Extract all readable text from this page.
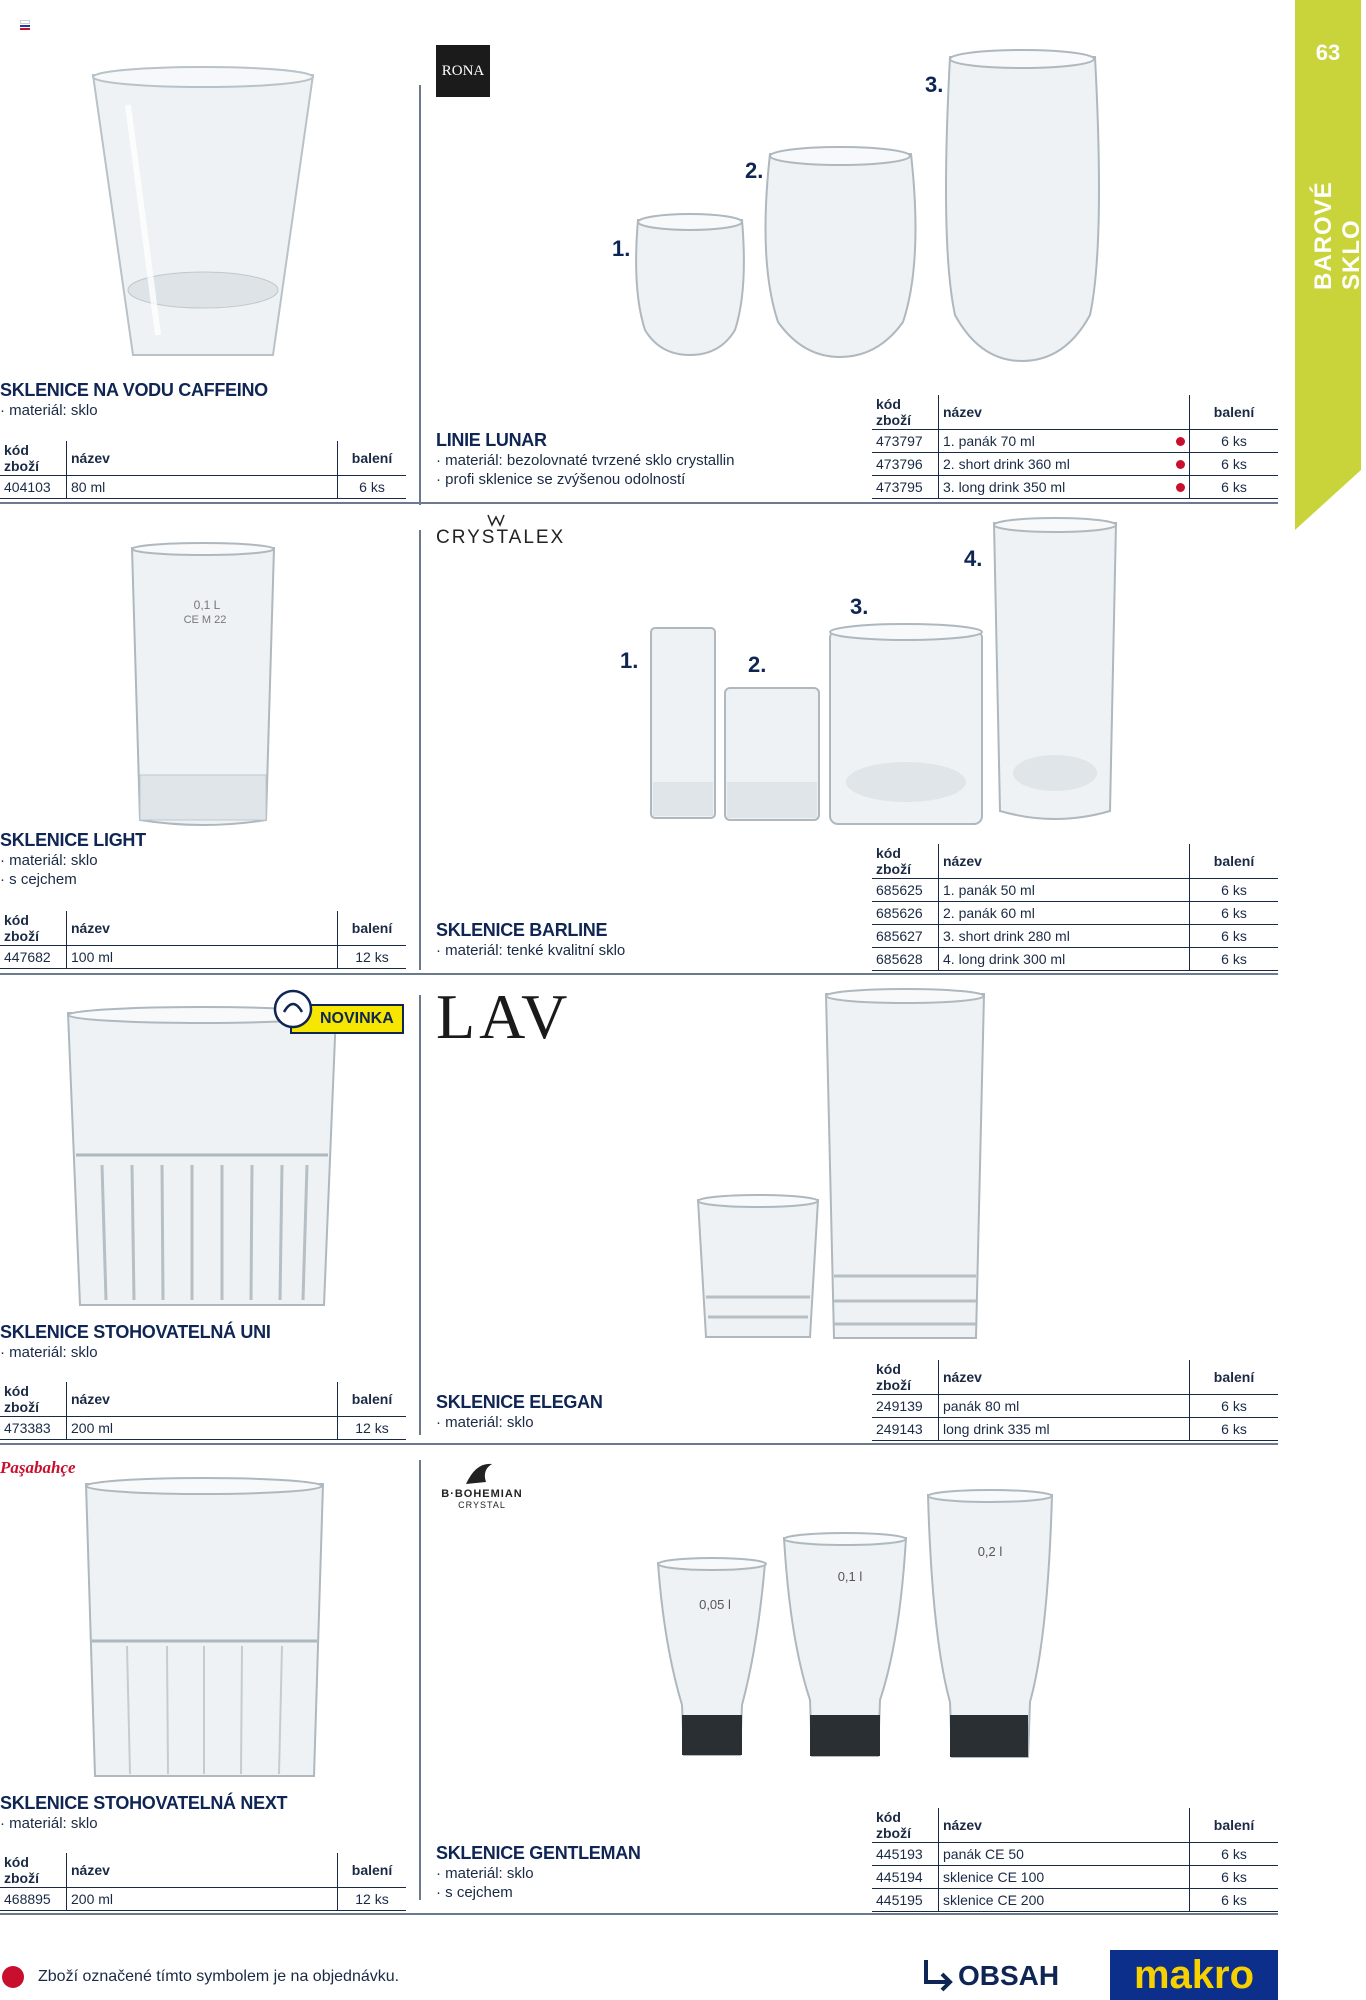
63
BAROVÉ SKLO
SKLENICE NA VODU CAFFEINO
· materiál: sklo
kód zboží	název	balení
404103	80 ml	6 ks
RONA
1.
2.
3.
LINIE LUNAR
· materiál: bezolovnaté tvrzené sklo crystallin
· profi sklenice se zvýšenou odolností
kód zboží	název	balení
473797	1. panák 70 ml	6 ks
473796	2. short drink 360 ml	6 ks
473795	3. long drink 350 ml	6 ks
0,1 L
CE M 22
SKLENICE LIGHT
· materiál: sklo
· s cejchem
kód zboží	název	balení
447682	100 ml	12 ks
CRYSTALEX
1.	2.
3.
4.
SKLENICE BARLINE
· materiál: tenké kvalitní sklo
kód zboží	název	balení
685625	1. panák 50 ml	6 ks
685626	2. panák 60 ml	6 ks
685627	3. short drink 280 ml	6 ks
685628	4. long drink 300 ml	6 ks
NOVINKA
SKLENICE STOHOVATELNÁ UNI
· materiál: sklo
kód zboží	název	balení
473383	200 ml	12 ks
LAV
SKLENICE ELEGAN
· materiál: sklo
kód zboží	název	balení
249139	panák 80 ml	6 ks
249143	long drink 335 ml	6 ks
Paşabahçe
SKLENICE STOHOVATELNÁ NEXT
· materiál: sklo
kód zboží	název	balení
468895	200 ml	12 ks
B·BOHEMIAN
CRYSTAL
0,05 l
0,1 l
0,2 l
SKLENICE GENTLEMAN
· materiál: sklo
· s cejchem
kód zboží	název	balení
445193	panák CE 50	6 ks
445194	sklenice CE 100	6 ks
445195	sklenice CE 200	6 ks
Zboží označené tímto symbolem je na objednávku.	OBSAH	makro
